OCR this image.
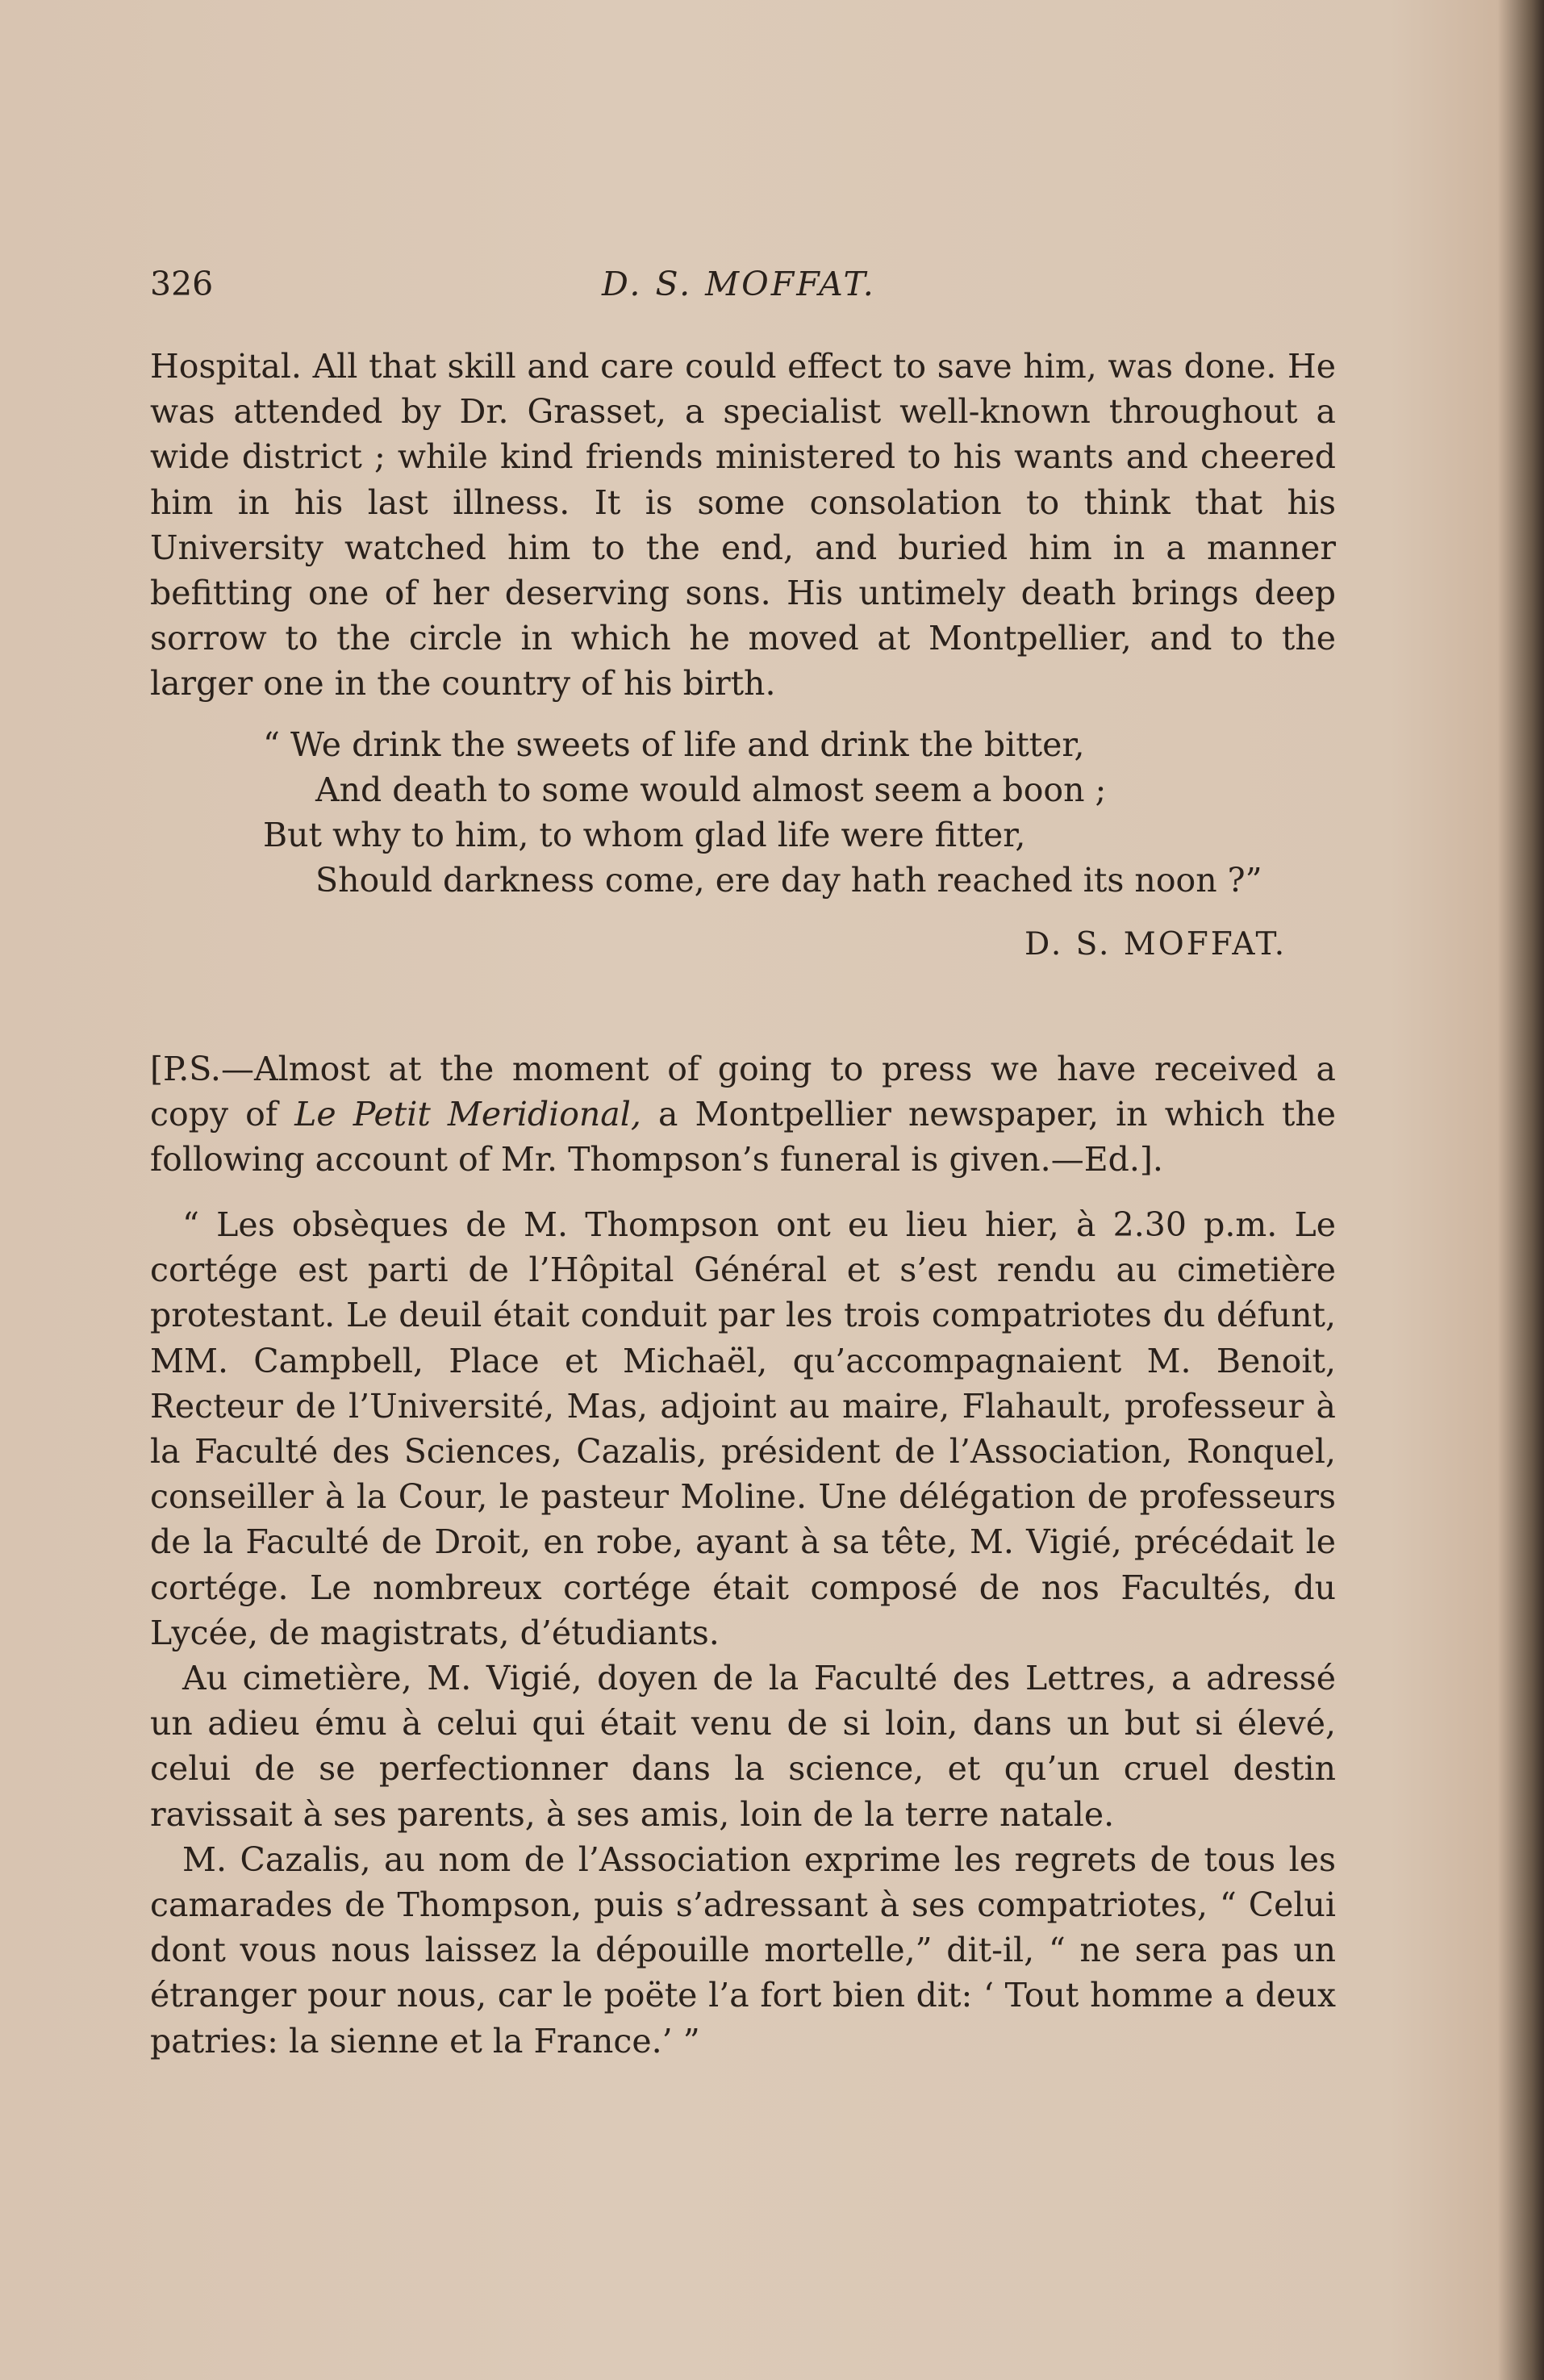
326	D. S. MOFFAT.

Hospital. All that skill and care could effect to save him, was done. He was attended by Dr. Grasset, a specialist well-known throughout a wide district ; while kind friends ministered to his wants and cheered him in his last illness. It is some consolation to think that his University watched him to the end, and buried him in a manner befitting one of her deserving sons. His untimely death brings deep sorrow to the circle in which he moved at Montpellier, and to the larger one in the country of his birth.

“ We drink the sweets of life and drink the bitter,
And death to some would almost seem a boon ;
But why to him, to whom glad life were fitter,
Should darkness come, ere day hath reached its noon ?”
D. S. MOFFAT.

[P.S.—Almost at the moment of going to press we have received a copy of Le Petit Meridional, a Montpellier newspaper, in which the following account of Mr. Thompson’s funeral is given.—Ed.].

“ Les obsèques de M. Thompson ont eu lieu hier, à 2.30 p.m. Le cortége est parti de l’Hôpital Général et s’est rendu au cimetière protestant. Le deuil était conduit par les trois compatriotes du défunt, MM. Campbell, Place et Michaël, qu’accompagnaient M. Benoit, Recteur de l’Université, Mas, adjoint au maire, Flahault, professeur à la Faculté des Sciences, Cazalis, président de l’Association, Ronquel, conseiller à la Cour, le pasteur Moline. Une délégation de professeurs de la Faculté de Droit, en robe, ayant à sa tête, M. Vigié, précédait le cortége. Le nombreux cortége était composé de nos Facultés, du Lycée, de magistrats, d’étudiants.

Au cimetière, M. Vigié, doyen de la Faculté des Lettres, a adressé un adieu ému à celui qui était venu de si loin, dans un but si élevé, celui de se perfectionner dans la science, et qu’un cruel destin ravissait à ses parents, à ses amis, loin de la terre natale.

M. Cazalis, au nom de l’Association exprime les regrets de tous les camarades de Thompson, puis s’adressant à ses compatriotes, “ Celui dont vous nous laissez la dépouille mortelle,” dit-il, “ ne sera pas un étranger pour nous, car le poëte l’a fort bien dit: ‘ Tout homme a deux patries: la sienne et la France.’ ”
